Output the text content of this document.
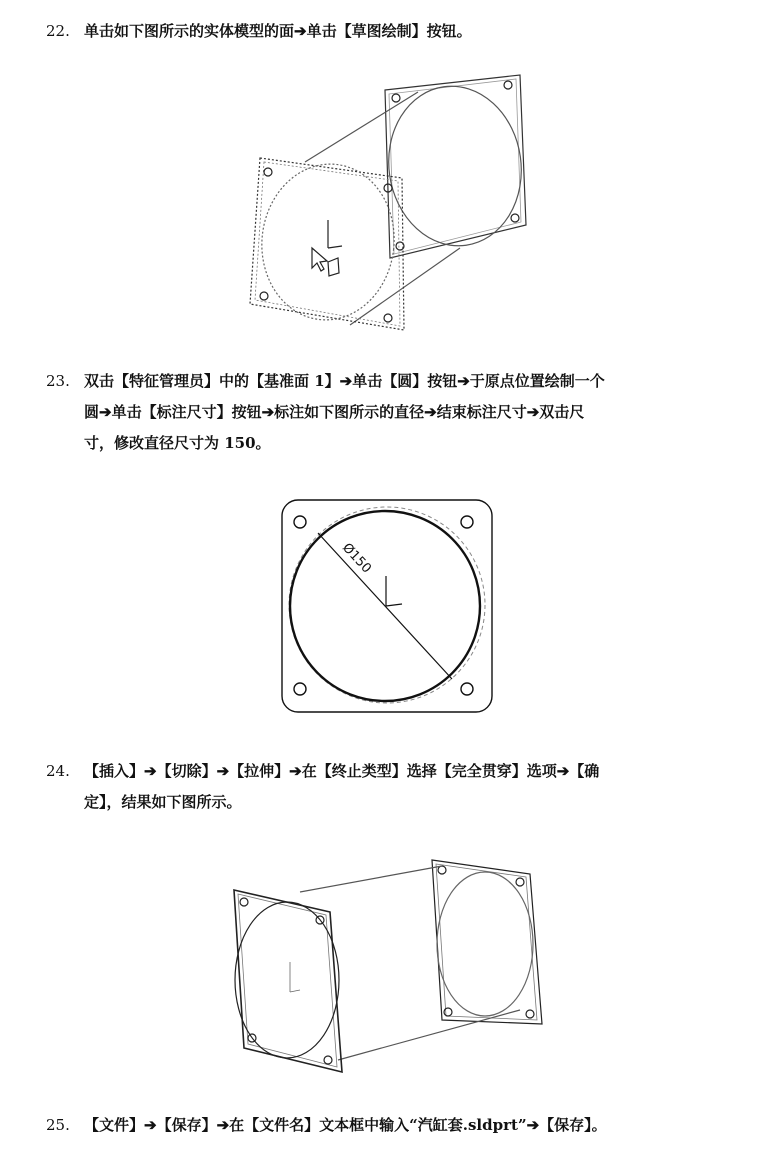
22. 单击如下图所示的实体模型的面➔单击【草图绘制】按钮。
23. 双击【特征管理员】中的【基准面 1】➔单击【圆】按钮➔于原点位置绘制一个
圆➔单击【标注尺寸】按钮➔标注如下图所示的直径➔结束标注尺寸➔双击尺
寸，修改直径尺寸为 150。
Ø150
24. 【插入】➔【切除】➔【拉伸】➔在【终止类型】选择【完全贯穿】选项➔【确
定】，结果如下图所示。
25. 【文件】➔【保存】➔在【文件名】文本框中输入“汽缸套.sldprt”➔【保存】。
